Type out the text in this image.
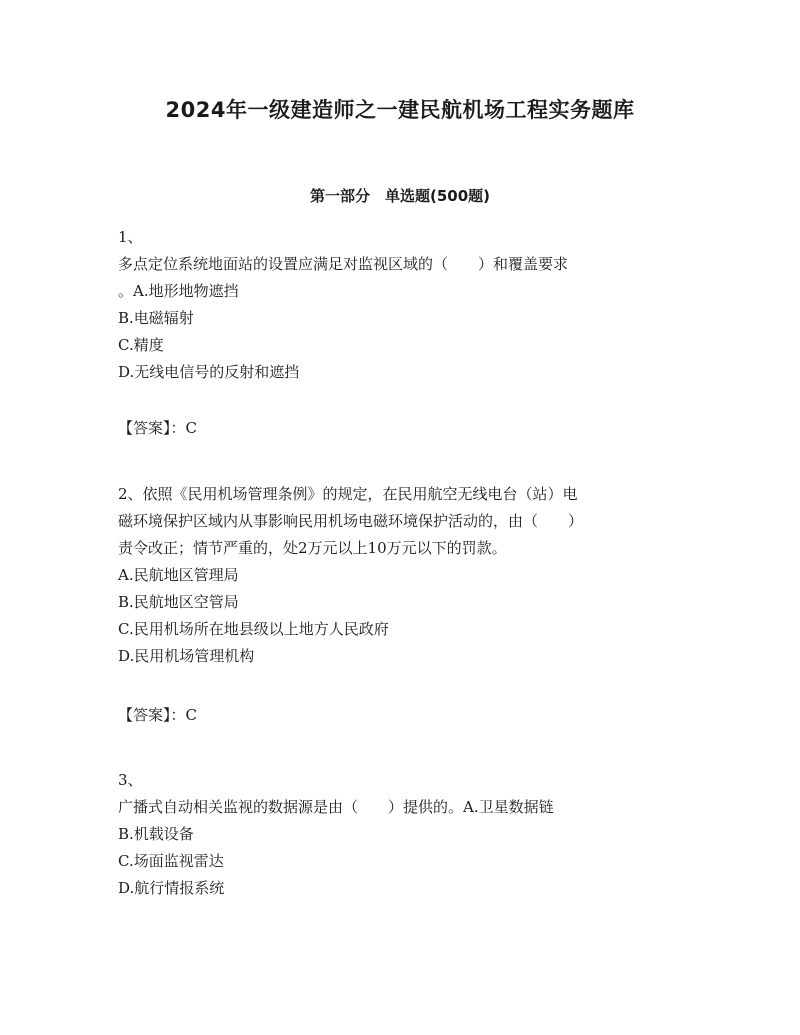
2024年一级建造师之一建民航机场工程实务题库
第一部分　单选题(500题)
1、
多点定位系统地面站的设置应满足对监视区域的（　　）和覆盖要求
。A.地形地物遮挡
B.电磁辐射
C.精度
D.无线电信号的反射和遮挡
【答案】：C
2、依照《民用机场管理条例》的规定，在民用航空无线电台（站）电
磁环境保护区域内从事影响民用机场电磁环境保护活动的，由（　　）
责令改正；情节严重的，处2万元以上10万元以下的罚款。
A.民航地区管理局
B.民航地区空管局
C.民用机场所在地县级以上地方人民政府
D.民用机场管理机构
【答案】：C
3、
广播式自动相关监视的数据源是由（　　）提供的。A.卫星数据链
B.机载设备
C.场面监视雷达
D.航行情报系统
